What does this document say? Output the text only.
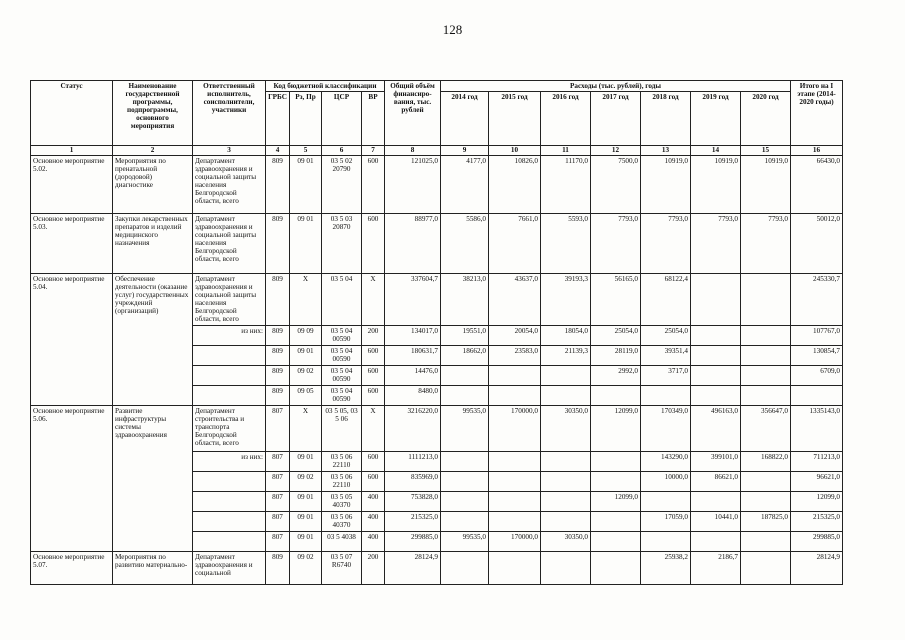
128
Статус	Наименование государственной программы, подпрограммы, основного мероприятия	Ответственный исполнитель, соисполнители, участники	Код бюджетной классификации				Общий объём финансиро-вания, тыс. рублей	Расходы (тыс. рублей), годы							Итого на I этапе (2014-2020 годы)
			ГРБС	Рз, Пр	ЦСР	ВР		2014 год	2015 год	2016 год	2017 год	2018 год	2019 год	2020 год	
1	2	3	4	5	6	7	8	9	10	11	12	13	14	15	16
Основное мероприятие 5.02.	Мероприятия по пренатальной (дородовой) диагностике	Департамент здравоохранения и социальной защиты населения Белгородской области, всего	809	09 01	03 5 02 20790	600	121025,0	4177,0	10826,0	11170,0	7500,0	10919,0	10919,0	10919,0	66430,0
Основное мероприятие 5.03.	Закупки лекарственных препаратов и изделий медицинского назначения	Департамент здравоохранения и социальной защиты населения Белгородской области, всего	809	09 01	03 5 03 20870	600	88977,0	5586,0	7661,0	5593,0	7793,0	7793,0	7793,0	7793,0	50012,0
Основное мероприятие 5.04.	Обеспечение деятельности (оказание услуг) государственных учреждений (организаций)	Департамент здравоохранения и социальной защиты населения Белгородской области, всего	809	Х	03 5 04	Х	337604,7	38213,0	43637,0	39193,3	56165,0	68122,4			245330,7
		из них:	809	09 09	03 5 04 00590	200	134017,0	19551,0	20054,0	18054,0	25054,0	25054,0			107767,0
			809	09 01	03 5 04 00590	600	180631,7	18662,0	23583,0	21139,3	28119,0	39351,4			130854,7
			809	09 02	03 5 04 00590	600	14476,0				2992,0	3717,0			6709,0
			809	09 05	03 5 04 00590	600	8480,0								
Основное мероприятие 5.06.	Развитие инфраструктуры системы здравоохранения	Департамент строительства и транспорта Белгородской области, всего	807	Х	03 5 05, 03 5 06	Х	3216220,0	99535,0	170000,0	30350,0	12099,0	170349,0	496163,0	356647,0	1335143,0
		из них:	807	09 01	03 5 06 22110	600	1111213,0					143290,0	399101,0	168822,0	711213,0
			807	09 02	03 5 06 22110	600	835969,0					10000,0	86621,0		96621,0
			807	09 01	03 5 05 40370	400	753828,0				12099,0				12099,0
			807	09 01	03 5 06 40370	400	215325,0					17059,0	10441,0	187825,0	215325,0
			807	09 01	03 5 4038	400	299885,0	99535,0	170000,0	30350,0					299885,0
Основное мероприятие 5.07.	Мероприятия по развитию материально-	Департамент здравоохранения и социальной	809	09 02	03 5 07 R6740	200	28124,9					25938,2	2186,7		28124,9
